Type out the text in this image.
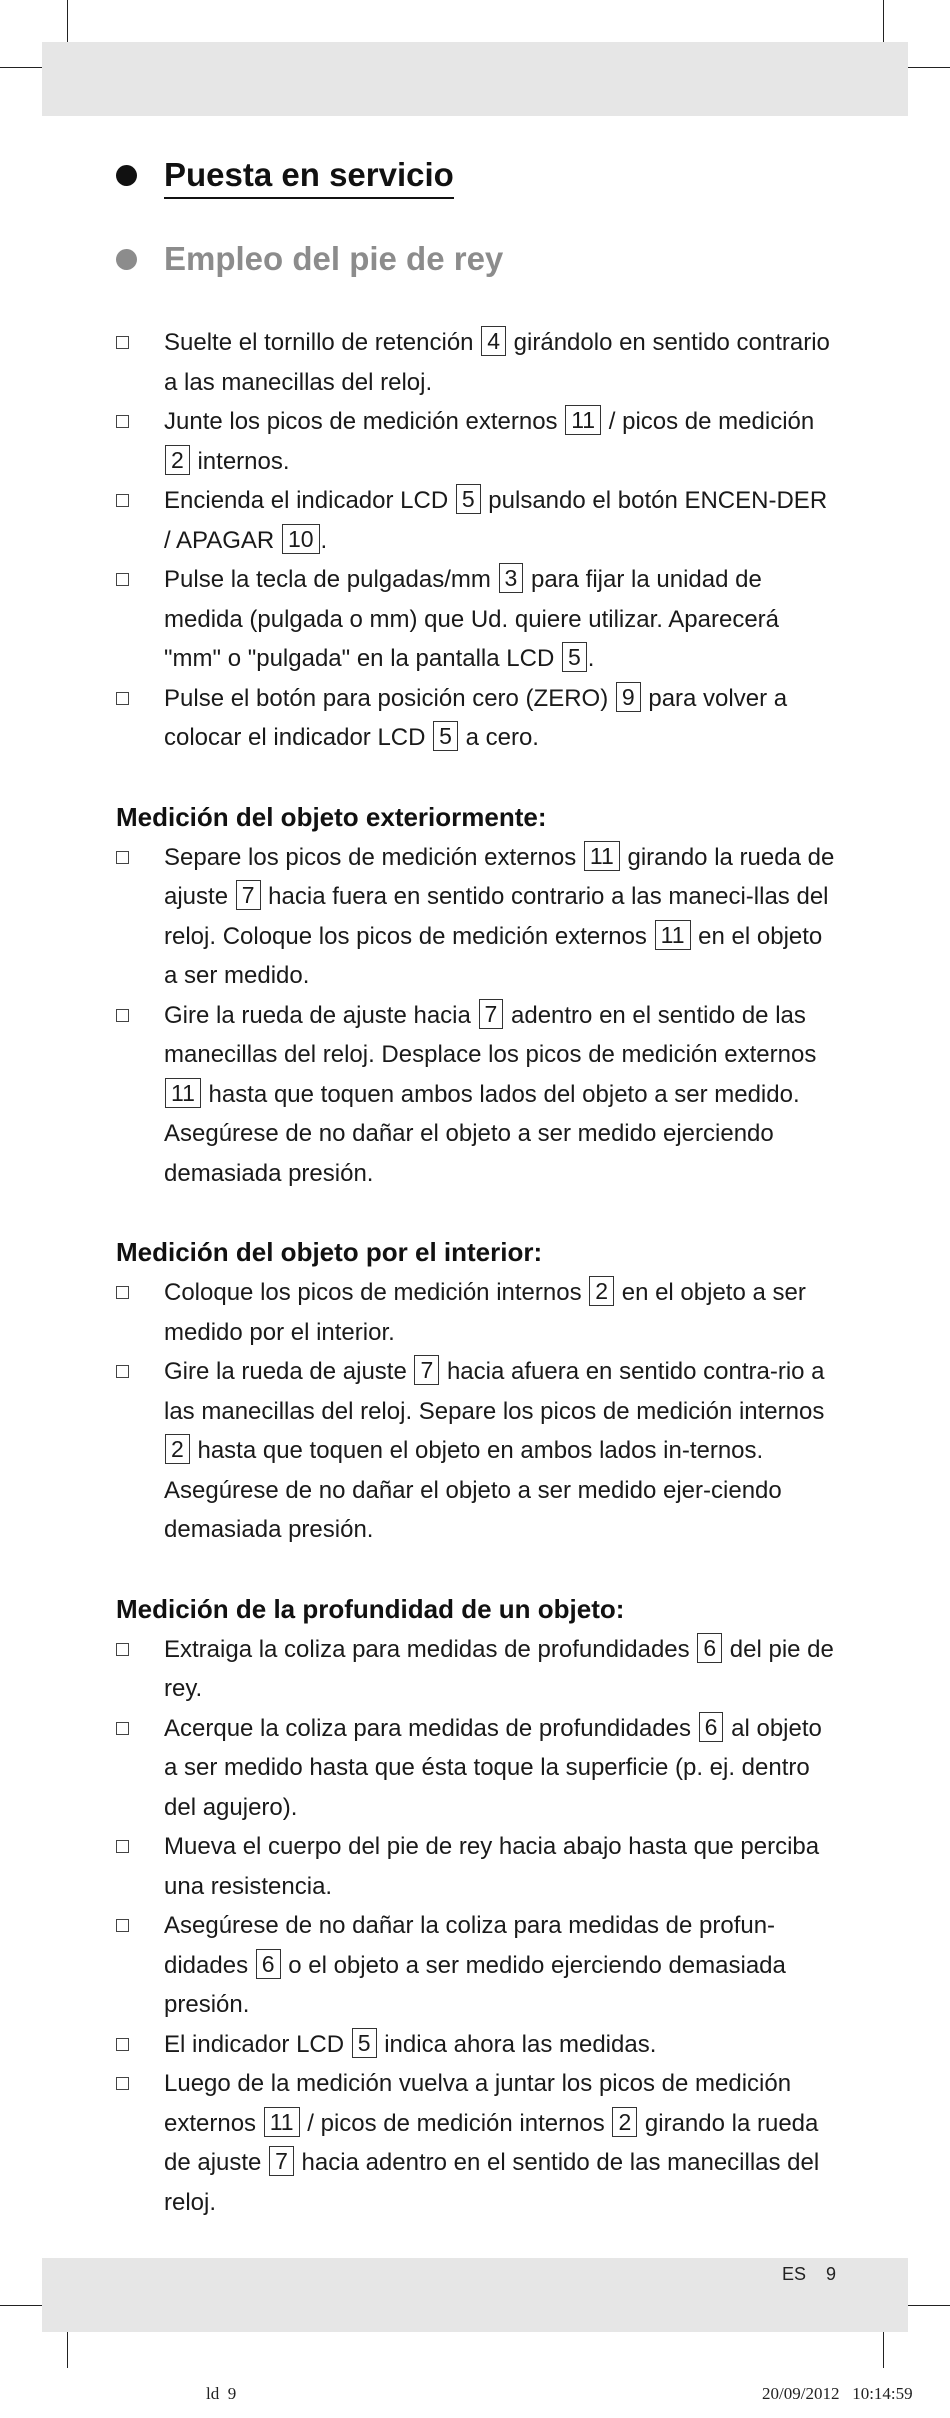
Puesta en servicio
Empleo del pie de rey
Suelte el tornillo de retención 4 girándolo en sentido contrario a las manecillas del reloj.
Junte los picos de medición externos 11 / picos de medición 2 internos.
Encienda el indicador LCD 5 pulsando el botón ENCEN-DER / APAGAR 10 .
Pulse la tecla de pulgadas/mm 3 para fijar la unidad de medida (pulgada o mm) que Ud. quiere utilizar. Aparecerá "mm" o "pulgada" en la pantalla LCD 5 .
Pulse el botón para posición cero (ZERO) 9 para volver a colocar el indicador LCD 5 a cero.
Medición del objeto exteriormente:
Separe los picos de medición externos 11 girando la rueda de ajuste 7 hacia fuera en sentido contrario a las maneci-llas del reloj. Coloque los picos de medición externos 11 en el objeto a ser medido.
Gire la rueda de ajuste hacia 7 adentro en el sentido de las manecillas del reloj. Desplace los picos de medición externos 11 hasta que toquen ambos lados del objeto a ser medido. Asegúrese de no dañar el objeto a ser medido ejerciendo demasiada presión.
Medición del objeto por el interior:
Coloque los picos de medición internos 2 en el objeto a ser medido por el interior.
Gire la rueda de ajuste 7 hacia afuera en sentido contra-rio a las manecillas del reloj. Separe los picos de medición internos 2 hasta que toquen el objeto en ambos lados in-ternos. Asegúrese de no dañar el objeto a ser medido ejer-ciendo demasiada presión.
Medición de la profundidad de un objeto:
Extraiga la coliza para medidas de profundidades 6 del pie de rey.
Acerque la coliza para medidas de profundidades 6 al objeto a ser medido hasta que ésta toque la superficie (p. ej. dentro del agujero).
Mueva el cuerpo del pie de rey hacia abajo hasta que perciba una resistencia.
Asegúrese de no dañar la coliza para medidas de profun-didades 6 o el objeto a ser medido ejerciendo demasiada presión.
El indicador LCD 5 indica ahora las medidas.
Luego de la medición vuelva a juntar los picos de medición externos 11 / picos de medición internos 2 girando la rueda de ajuste 7 hacia adentro en el sentido de las manecillas del reloj.
ES    9
ld  9	20/09/2012   10:14:59
